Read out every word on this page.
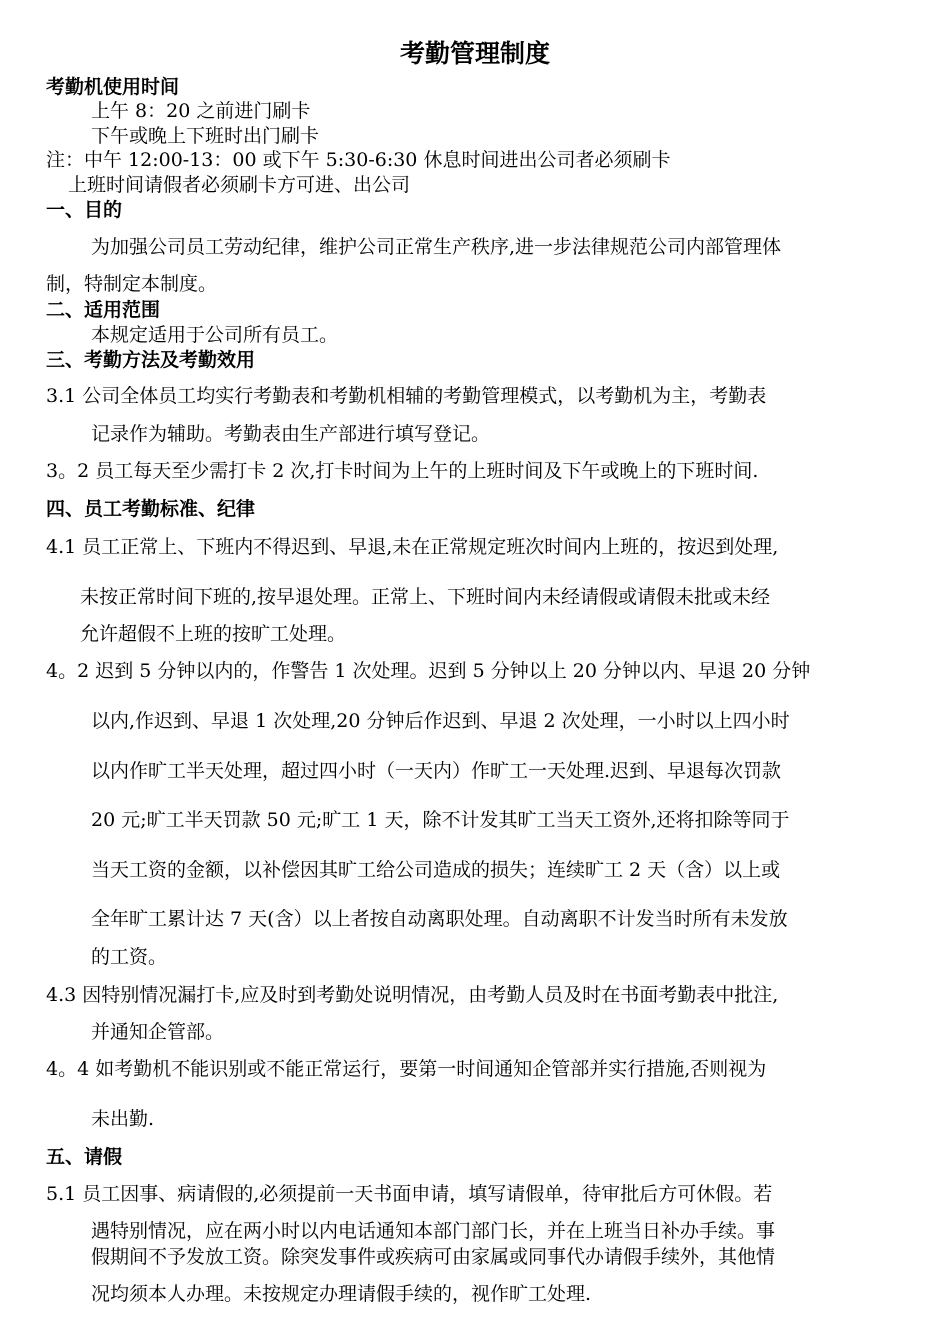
考勤管理制度
考勤机使用时间
上午 8：20 之前进门刷卡
下午或晚上下班时出门刷卡
注：中午 12:00-13：00 或下午 5:30-6:30 休息时间进出公司者必须刷卡
上班时间请假者必须刷卡方可进、出公司
一、目的
为加强公司员工劳动纪律，维护公司正常生产秩序,进一步法律规范公司内部管理体
制，特制定本制度。
二、适用范围
本规定适用于公司所有员工。
三、考勤方法及考勤效用
3.1 公司全体员工均实行考勤表和考勤机相辅的考勤管理模式，以考勤机为主，考勤表
记录作为辅助。考勤表由生产部进行填写登记。
3。2 员工每天至少需打卡 2 次,打卡时间为上午的上班时间及下午或晚上的下班时间.
四、员工考勤标准、纪律
4.1 员工正常上、下班内不得迟到、早退,未在正常规定班次时间内上班的，按迟到处理,
未按正常时间下班的,按早退处理。正常上、下班时间内未经请假或请假未批或未经
允许超假不上班的按旷工处理。
4。2 迟到 5 分钟以内的，作警告 1 次处理。迟到 5 分钟以上 20 分钟以内、早退 20 分钟
以内,作迟到、早退 1 次处理,20 分钟后作迟到、早退 2 次处理，一小时以上四小时
以内作旷工半天处理，超过四小时（一天内）作旷工一天处理.迟到、早退每次罚款
20 元;旷工半天罚款 50 元;旷工 1 天，除不计发其旷工当天工资外,还将扣除等同于
当天工资的金额，以补偿因其旷工给公司造成的损失；连续旷工 2 天（含）以上或
全年旷工累计达 7 天(含）以上者按自动离职处理。自动离职不计发当时所有未发放
的工资。
4.3 因特别情况漏打卡,应及时到考勤处说明情况，由考勤人员及时在书面考勤表中批注,
并通知企管部。
4。4 如考勤机不能识别或不能正常运行，要第一时间通知企管部并实行措施,否则视为
未出勤.
五、请假
5.1 员工因事、病请假的,必须提前一天书面申请，填写请假单，待审批后方可休假。若
遇特别情况，应在两小时以内电话通知本部门部门长，并在上班当日补办手续。事
假期间不予发放工资。除突发事件或疾病可由家属或同事代办请假手续外，其他情
况均须本人办理。未按规定办理请假手续的，视作旷工处理.
